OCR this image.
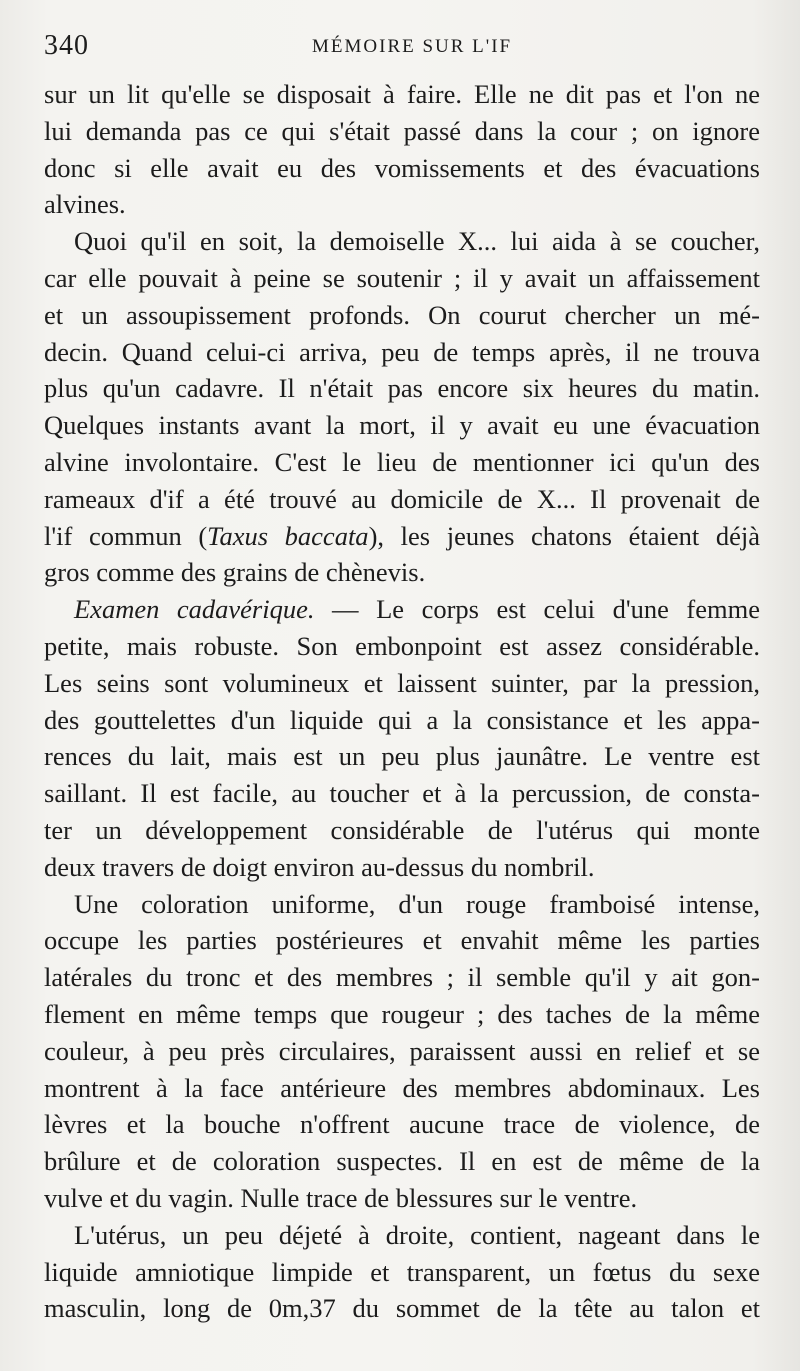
340	MÉMOIRE SUR L'IF
sur un lit qu'elle se disposait à faire. Elle ne dit pas et l'on ne
lui demanda pas ce qui s'était passé dans la cour ; on ignore
donc si elle avait eu des vomissements et des évacuations
alvines.
Quoi qu'il en soit, la demoiselle X... lui aida à se coucher,
car elle pouvait à peine se soutenir ; il y avait un affaissement
et un assoupissement profonds. On courut chercher un mé-
decin. Quand celui-ci arriva, peu de temps après, il ne trouva
plus qu'un cadavre. Il n'était pas encore six heures du matin.
Quelques instants avant la mort, il y avait eu une évacuation
alvine involontaire. C'est le lieu de mentionner ici qu'un des
rameaux d'if a été trouvé au domicile de X... Il provenait de
l'if commun (Taxus baccata), les jeunes chatons étaient déjà
gros comme des grains de chènevis.
Examen cadavérique. — Le corps est celui d'une femme
petite, mais robuste. Son embonpoint est assez considérable.
Les seins sont volumineux et laissent suinter, par la pression,
des gouttelettes d'un liquide qui a la consistance et les appa-
rences du lait, mais est un peu plus jaunâtre. Le ventre est
saillant. Il est facile, au toucher et à la percussion, de consta-
ter un développement considérable de l'utérus qui monte
deux travers de doigt environ au-dessus du nombril.
Une coloration uniforme, d'un rouge framboisé intense,
occupe les parties postérieures et envahit même les parties
latérales du tronc et des membres ; il semble qu'il y ait gon-
flement en même temps que rougeur ; des taches de la même
couleur, à peu près circulaires, paraissent aussi en relief et se
montrent à la face antérieure des membres abdominaux. Les
lèvres et la bouche n'offrent aucune trace de violence, de
brûlure et de coloration suspectes. Il en est de même de la
vulve et du vagin. Nulle trace de blessures sur le ventre.
L'utérus, un peu déjeté à droite, contient, nageant dans le
liquide amniotique limpide et transparent, un fœtus du sexe
masculin, long de 0m,37 du sommet de la tête au talon et
